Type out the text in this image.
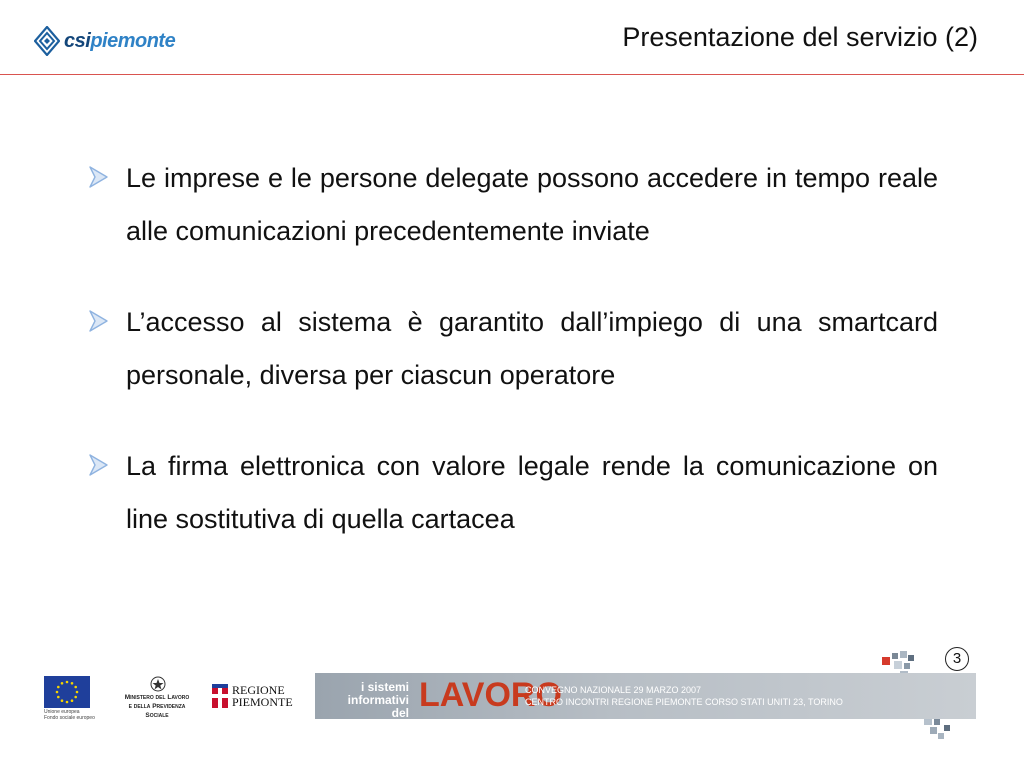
csipiemonte	Presentazione del servizio (2)
Le imprese e le persone delegate possono accedere in tempo reale alle comunicazioni precedentemente inviate
L’accesso al sistema è garantito dall’impiego di una smartcard personale, diversa per ciascun operatore
La firma elettronica con valore legale rende la comunicazione on line sostitutiva di quella cartacea
3
Unione europea
Fondo sociale europeo
Ministero del Lavoro
e della Previdenza Sociale
REGIONE
PIEMONTE
i sistemi
informativi del LAVORO
CONVEGNO NAZIONALE 29 MARZO 2007
CENTRO INCONTRI REGIONE PIEMONTE CORSO STATI UNITI 23, TORINO
